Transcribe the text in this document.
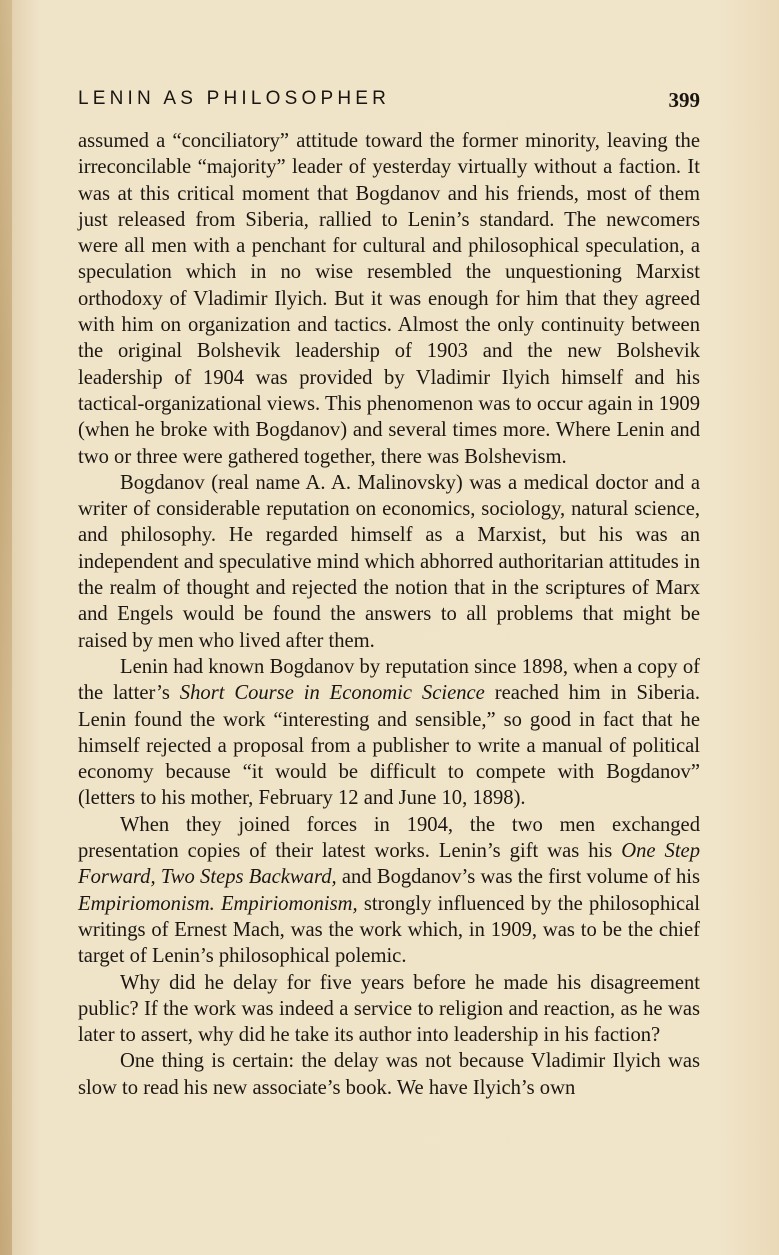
LENIN AS PHILOSOPHER	399

assumed a “conciliatory” attitude toward the former minority, leaving the irreconcilable “majority” leader of yesterday virtually without a faction. It was at this critical moment that Bogdanov and his friends, most of them just released from Siberia, rallied to Lenin’s standard. The newcomers were all men with a penchant for cultural and philosophical speculation, a speculation which in no wise resembled the unquestioning Marxist orthodoxy of Vladimir Ilyich. But it was enough for him that they agreed with him on organization and tactics. Almost the only continuity between the original Bolshevik leadership of 1903 and the new Bolshevik leadership of 1904 was provided by Vladimir Ilyich himself and his tactical-organizational views. This phenomenon was to occur again in 1909 (when he broke with Bogdanov) and several times more. Where Lenin and two or three were gathered together, there was Bolshevism.

Bogdanov (real name A. A. Malinovsky) was a medical doctor and a writer of considerable reputation on economics, sociology, natural science, and philosophy. He regarded himself as a Marxist, but his was an independent and speculative mind which abhorred authoritarian attitudes in the realm of thought and rejected the notion that in the scriptures of Marx and Engels would be found the answers to all problems that might be raised by men who lived after them.

Lenin had known Bogdanov by reputation since 1898, when a copy of the latter’s Short Course in Economic Science reached him in Siberia. Lenin found the work “interesting and sensible,” so good in fact that he himself rejected a proposal from a publisher to write a manual of political economy because “it would be difficult to compete with Bogdanov” (letters to his mother, February 12 and June 10, 1898).

When they joined forces in 1904, the two men exchanged presentation copies of their latest works. Lenin’s gift was his One Step Forward, Two Steps Backward, and Bogdanov’s was the first volume of his Empiriomonism. Empiriomonism, strongly influenced by the philosophical writings of Ernest Mach, was the work which, in 1909, was to be the chief target of Lenin’s philosophical polemic.

Why did he delay for five years before he made his disagreement public? If the work was indeed a service to religion and reaction, as he was later to assert, why did he take its author into leadership in his faction?

One thing is certain: the delay was not because Vladimir Ilyich was slow to read his new associate’s book. We have Ilyich’s own
